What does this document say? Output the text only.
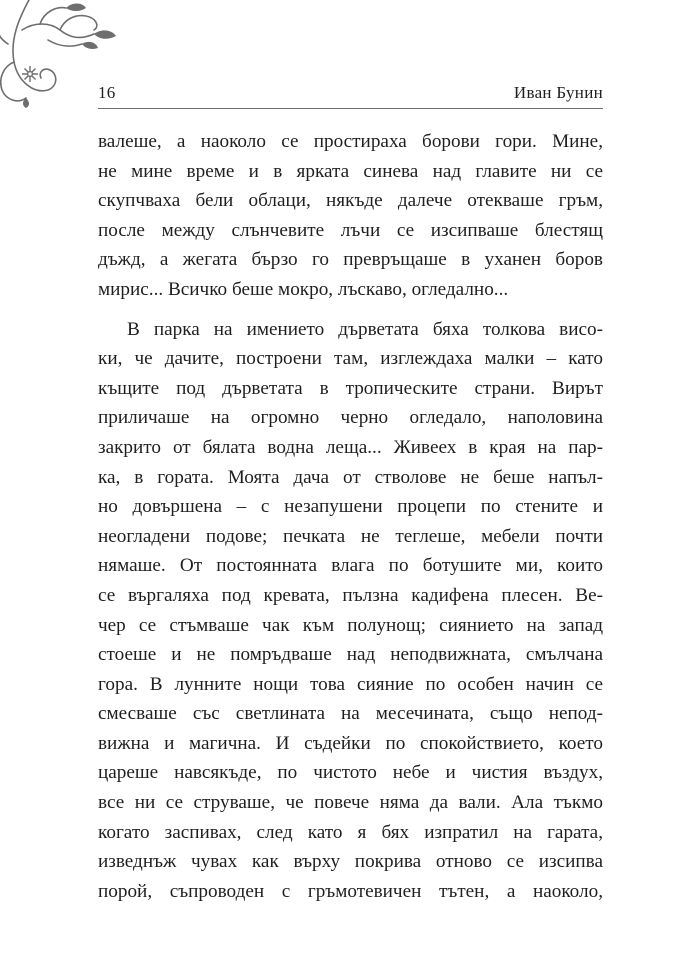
16	Иван Бунин
валеше, а наоколо се простираха борови гори. Мине,
не мине време и в ярката синева над главите ни се
скупчваха бели облаци, някъде далече отекваше гръм,
после между слънчевите лъчи се изсипваше блестящ
дъжд, а жегата бързо го превръщаше в уханен боров
мирис... Всичко беше мокро, лъскаво, огледално...
В парка на имението дърветата бяха толкова висо-
ки, че дачите, построени там, изглеждаха малки – като
къщите под дърветата в тропическите страни. Вирът
приличаше на огромно черно огледало, наполовина
закрито от бялата водна леща... Живеех в края на пар-
ка, в гората. Моята дача от стволове не беше напъл-
но довършена – с незапушени процепи по стените и
неогладени подове; печката не теглеше, мебели почти
нямаше. От постоянната влага по ботушите ми, които
се въргаляха под кревата, пълзна кадифена плесен. Ве-
чер се стъмваше чак към полунощ; сиянието на запад
стоеше и не помръдваше над неподвижната, смълчана
гора. В лунните нощи това сияние по особен начин се
смесваше със светлината на месечината, също непод-
вижна и магична. И съдейки по спокойствието, което
цареше навсякъде, по чистото небе и чистия въздух,
все ни се струваше, че повече няма да вали. Ала тъкмо
когато заспивах, след като я бях изпратил на гарата,
изведнъж чувах как върху покрива отново се изсипва
порой, съпроводен с гръмотевичен тътен, а наоколо,
